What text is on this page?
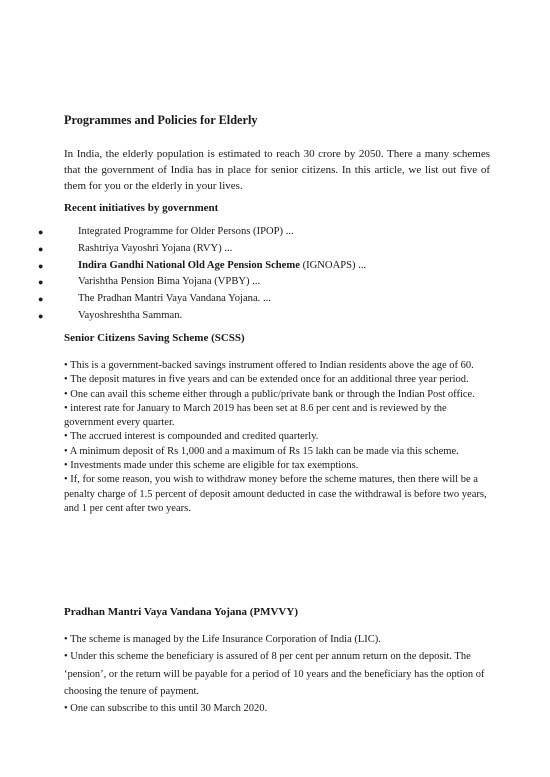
Programmes and Policies for Elderly

In India, the elderly population is estimated to reach 30 crore by 2050. There a many schemes that the government of India has in place for senior citizens. In this article, we list out five of them for you or the elderly in your lives.

Recent initiatives by government
●	Integrated Programme for Older Persons (IPOP) ...
●	Rashtriya Vayoshri Yojana (RVY) ...
●	Indira Gandhi National Old Age Pension Scheme (IGNOAPS) ...
●	Varishtha Pension Bima Yojana (VPBY) ...
●	The Pradhan Mantri Vaya Vandana Yojana. ...
●	Vayoshreshtha Samman.
Senior Citizens Saving Scheme (SCSS)
• This is a government-backed savings instrument offered to Indian residents above the age of 60.
• The deposit matures in five years and can be extended once for an additional three year period.
• One can avail this scheme either through a public/private bank or through the Indian Post office.
• interest rate for January to March 2019 has been set at 8.6 per cent and is reviewed by the government every quarter.
• The accrued interest is compounded and credited quarterly.
• A minimum deposit of Rs 1,000 and a maximum of Rs 15 lakh can be made via this scheme.
• Investments made under this scheme are eligible for tax exemptions.
• If, for some reason, you wish to withdraw money before the scheme matures, then there will be a penalty charge of 1.5 percent of deposit amount deducted in case the withdrawal is before two years, and 1 per cent after two years.
Pradhan Mantri Vaya Vandana Yojana (PMVVY)
• The scheme is managed by the Life Insurance Corporation of India (LIC).
• Under this scheme the beneficiary is assured of 8 per cent per annum return on the deposit. The ‘pension’, or the return will be payable for a period of 10 years and the beneficiary has the option of choosing the tenure of payment.
• One can subscribe to this until 30 March 2020.
